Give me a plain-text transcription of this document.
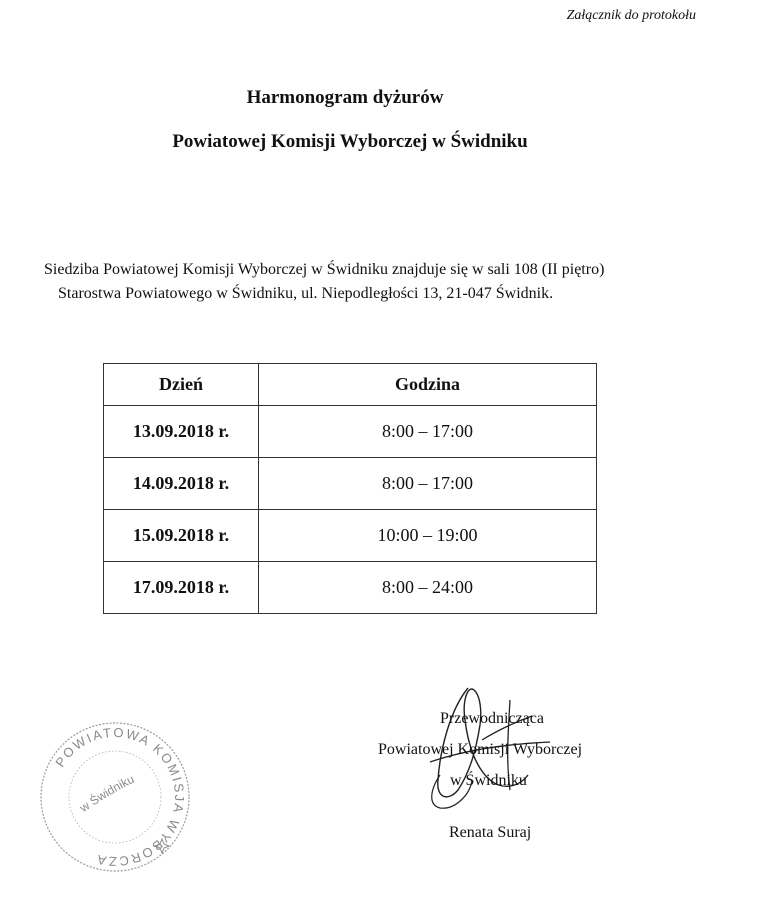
Załącznik do protokołu
Harmonogram dyżurów
Powiatowej Komisji Wyborczej w Świdniku
Siedziba Powiatowej Komisji Wyborczej w Świdniku znajduje się w sali 108 (II piętro)
Starostwa Powiatowego w Świdniku, ul. Niepodległości 13, 21-047 Świdnik.
Dzień	Godzina
13.09.2018 r.	8:00 – 17:00
14.09.2018 r.	8:00 – 17:00
15.09.2018 r.	10:00 – 19:00
17.09.2018 r.	8:00 – 24:00
POWIATOWA KOMISJA WYBORCZA
w Świdniku
Przewodnicząca
Powiatowej Komisji Wyborczej
w Świdniku
Renata Suraj
